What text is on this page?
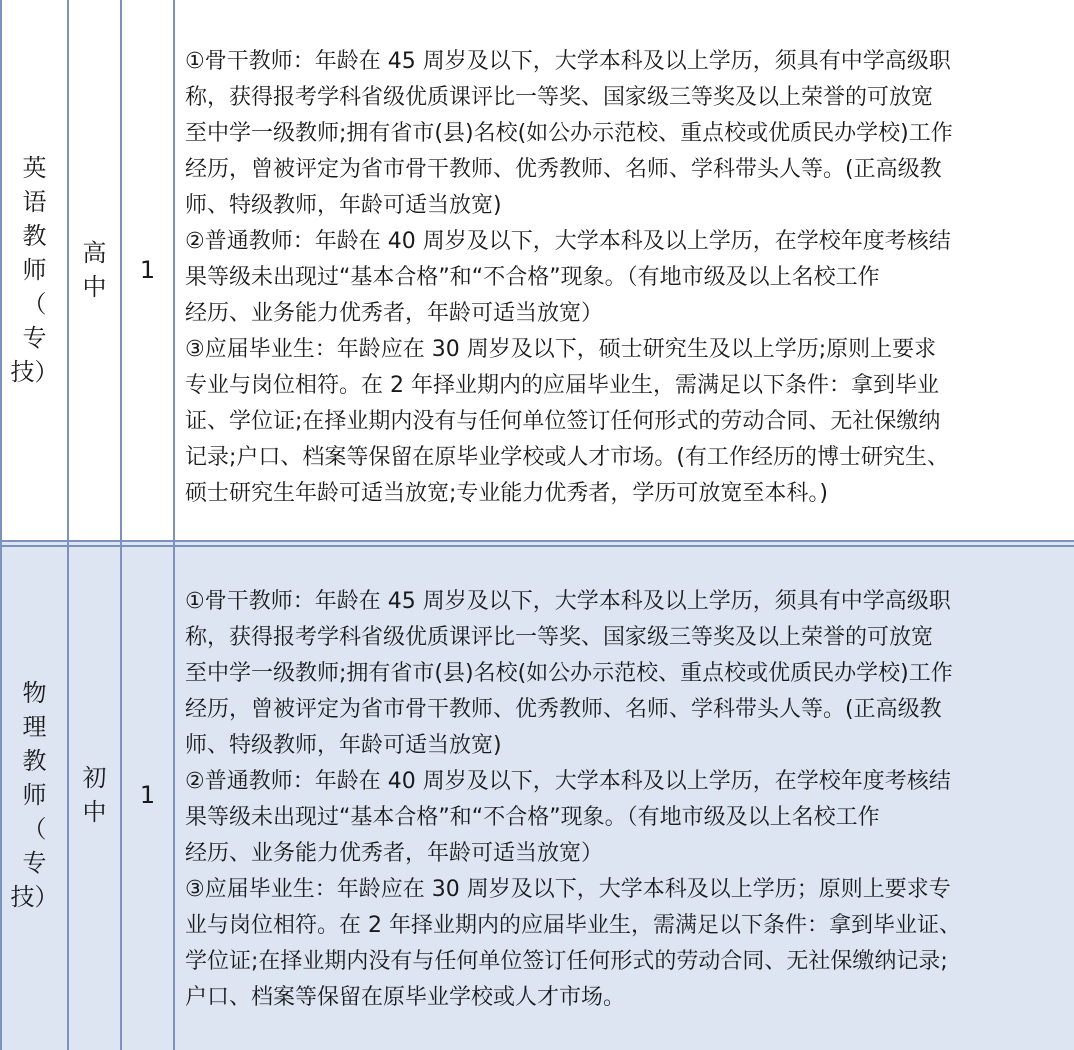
英
语
教
师
（
专
技）
高
中
1
①骨干教师：年龄在 45 周岁及以下，大学本科及以上学历，须具有中学高级职
称，获得报考学科省级优质课评比一等奖、国家级三等奖及以上荣誉的可放宽
至中学一级教师;拥有省市(县)名校(如公办示范校、重点校或优质民办学校)工作
经历，曾被评定为省市骨干教师、优秀教师、名师、学科带头人等。(正高级教
师、特级教师，年龄可适当放宽)
②普通教师：年龄在 40 周岁及以下，大学本科及以上学历，在学校年度考核结
果等级未出现过“基本合格”和“不合格”现象。（有地市级及以上名校工作
经历、业务能力优秀者，年龄可适当放宽）
③应届毕业生：年龄应在 30 周岁及以下，硕士研究生及以上学历;原则上要求
专业与岗位相符。在 2 年择业期内的应届毕业生，需满足以下条件：拿到毕业
证、学位证;在择业期内没有与任何单位签订任何形式的劳动合同、无社保缴纳
记录;户口、档案等保留在原毕业学校或人才市场。(有工作经历的博士研究生、
硕士研究生年龄可适当放宽;专业能力优秀者，学历可放宽至本科。)
物
理
教
师
（
专
技）
初
中
1
①骨干教师：年龄在 45 周岁及以下，大学本科及以上学历，须具有中学高级职
称，获得报考学科省级优质课评比一等奖、国家级三等奖及以上荣誉的可放宽
至中学一级教师;拥有省市(县)名校(如公办示范校、重点校或优质民办学校)工作
经历，曾被评定为省市骨干教师、优秀教师、名师、学科带头人等。(正高级教
师、特级教师，年龄可适当放宽)
②普通教师：年龄在 40 周岁及以下，大学本科及以上学历，在学校年度考核结
果等级未出现过“基本合格”和“不合格”现象。（有地市级及以上名校工作
经历、业务能力优秀者，年龄可适当放宽）
③应届毕业生：年龄应在 30 周岁及以下，大学本科及以上学历；原则上要求专
业与岗位相符。在 2 年择业期内的应届毕业生，需满足以下条件：拿到毕业证、
学位证;在择业期内没有与任何单位签订任何形式的劳动合同、无社保缴纳记录;
户口、档案等保留在原毕业学校或人才市场。
